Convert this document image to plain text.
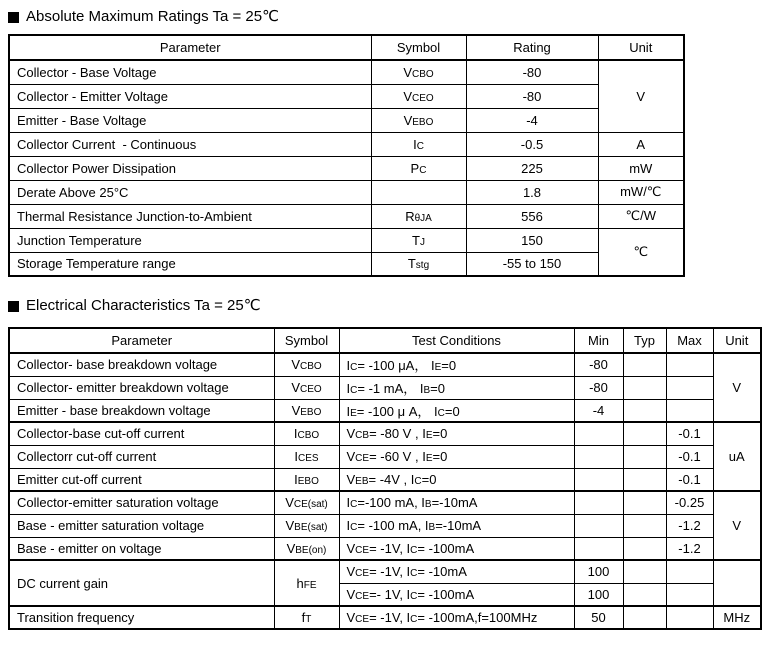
Absolute Maximum Ratings Ta = 25℃
Parameter	Symbol	Rating	Unit
Collector - Base Voltage	VCBO	-80	V
Collector - Emitter Voltage	VCEO	-80	
Emitter - Base Voltage	VEBO	-4	
Collector Current  - Continuous	IC	-0.5	A
Collector Power Dissipation	PC	225	mW
Derate Above 25°C		1.8	mW/℃
Thermal Resistance Junction-to-Ambient	RθJA	556	℃/W
Junction Temperature	TJ	150	℃
Storage Temperature range	Tstg	-55 to 150	
Electrical Characteristics Ta = 25℃
Parameter	Symbol	Test Conditions	Min	Typ	Max	Unit
Collector- base breakdown voltage	VCBO	IC= -100 μA， IE=0	-80			V
Collector- emitter breakdown voltage	VCEO	IC= -1 mA， IB=0	-80			
Emitter - base breakdown voltage	VEBO	IE= -100 μ A， IC=0	-4			
Collector-base cut-off current	ICBO	VCB= -80 V , IE=0			-0.1	uA
Collectorr cut-off current	ICES	VCE= -60 V , IE=0			-0.1	
Emitter cut-off current	IEBO	VEB= -4V , IC=0			-0.1	
Collector-emitter saturation voltage	VCE(sat)	IC=-100 mA, IB=-10mA			-0.25	V
Base - emitter saturation voltage	VBE(sat)	IC= -100 mA, IB=-10mA			-1.2	
Base - emitter on voltage	VBE(on)	VCE= -1V, IC= -100mA			-1.2	
DC current gain	hFE	VCE= -1V, IC= -10mA	100			
		VCE=- 1V, IC= -100mA	100			
Transition frequency	fT	VCE= -1V, IC= -100mA,f=100MHz	50			MHz
